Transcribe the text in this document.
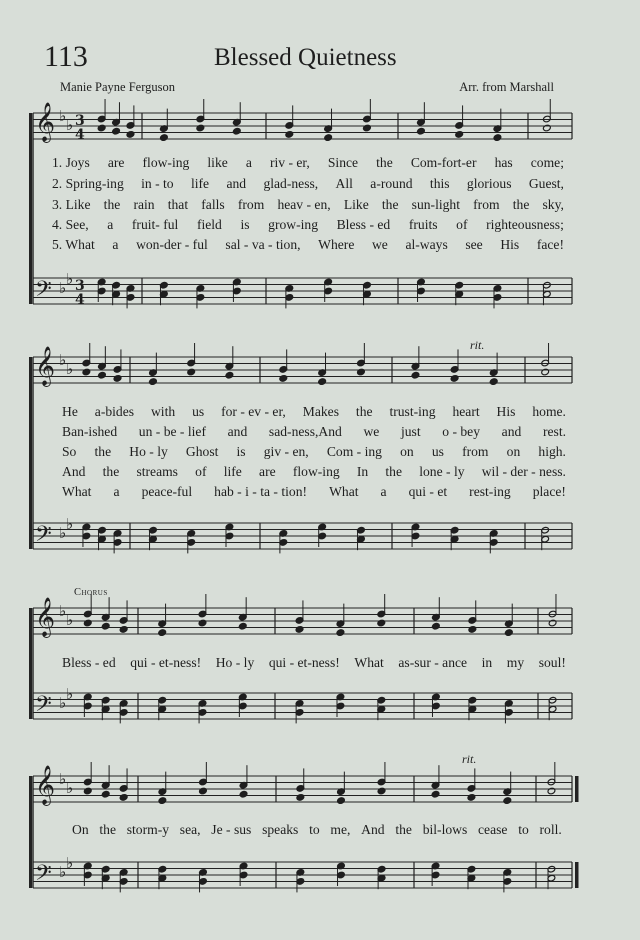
113	Blessed Quietness
Manie Payne Ferguson	Arr. from Marshall
Chorus
rit.
rit.
𝄞
𝄢
♭ ♭
♭ ♭
3
4
3
4
𝄞
𝄢
♭ ♭
♭ ♭
𝄞
𝄢
♭ ♭
♭ ♭
𝄞
𝄢
♭ ♭
♭ ♭
1. Joys are flow-ing like a riv - er, Since the Com-fort-er has come;
2. Spring-ing in - to life and glad-ness, All a-round this glorious Guest,
3. Like the rain that falls from heav - en, Like the sun-light from the sky,
4. See, a fruit- ful field is grow-ing Bless - ed fruits of righteousness;
5. What a won-der - ful sal - va - tion, Where we al-ways see His face!
He a-bides with us for - ev - er, Makes the trust-ing heart His home.
Ban-ished un - be - lief and sad-ness,And we just o - bey and rest.
So the Ho - ly Ghost is giv - en, Com - ing on us from on high.
And the streams of life are flow-ing In the lone - ly wil - der - ness.
What a peace-ful hab - i - ta - tion! What a qui - et rest-ing place!
Bless - ed qui - et-ness! Ho - ly qui - et-ness! What as-sur - ance in my soul!
On the storm-y sea, Je - sus speaks to me, And the bil-lows cease to roll.
